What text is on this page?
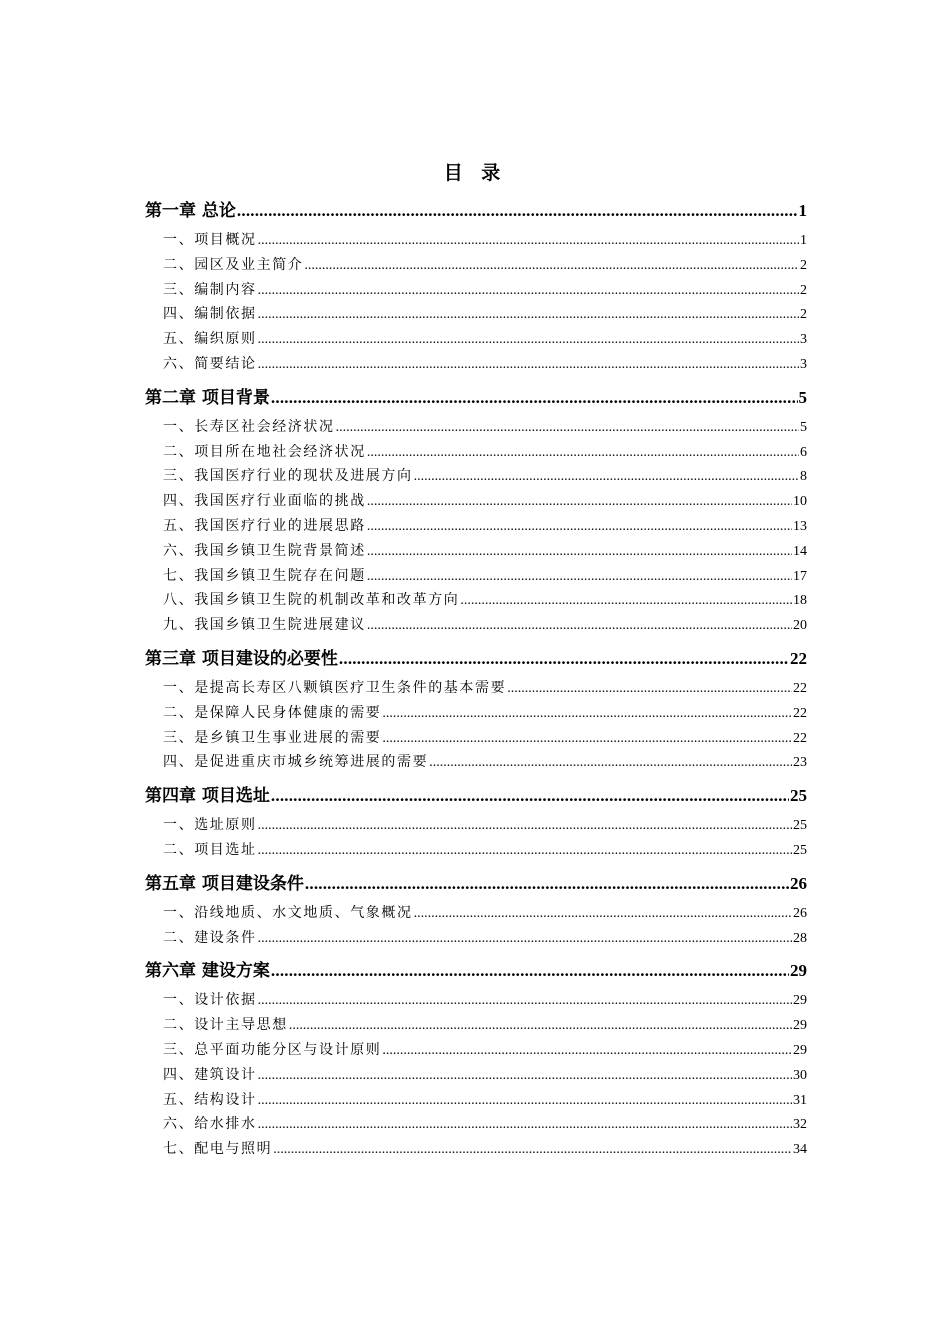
目 录
第一章 总论 .....	1
一、项目概况 .....	1
二、园区及业主简介 .....	2
三、编制内容 .....	2
四、编制依据 .....	2
五、编织原则 .....	3
六、简要结论 .....	3
第二章 项目背景 .....	5
一、长寿区社会经济状况 .....	5
二、项目所在地社会经济状况 .....	6
三、我国医疗行业的现状及进展方向 .....	8
四、我国医疗行业面临的挑战 .....	10
五、我国医疗行业的进展思路 .....	13
六、我国乡镇卫生院背景简述 .....	14
七、我国乡镇卫生院存在问题 .....	17
八、我国乡镇卫生院的机制改革和改革方向 .....	18
九、我国乡镇卫生院进展建议 .....	20
第三章 项目建设的必要性 .....	22
一、是提高长寿区八颗镇医疗卫生条件的基本需要 .....	22
二、是保障人民身体健康的需要 .....	22
三、是乡镇卫生事业进展的需要 .....	22
四、是促进重庆市城乡统筹进展的需要 .....	23
第四章 项目选址 .....	25
一、选址原则 .....	25
二、项目选址 .....	25
第五章 项目建设条件 .....	26
一、沿线地质、水文地质、气象概况 .....	26
二、建设条件 .....	28
第六章 建设方案 .....	29
一、设计依据 .....	29
二、设计主导思想 .....	29
三、总平面功能分区与设计原则 .....	29
四、建筑设计 .....	30
五、结构设计 .....	31
六、给水排水 .....	32
七、配电与照明 .....	34
